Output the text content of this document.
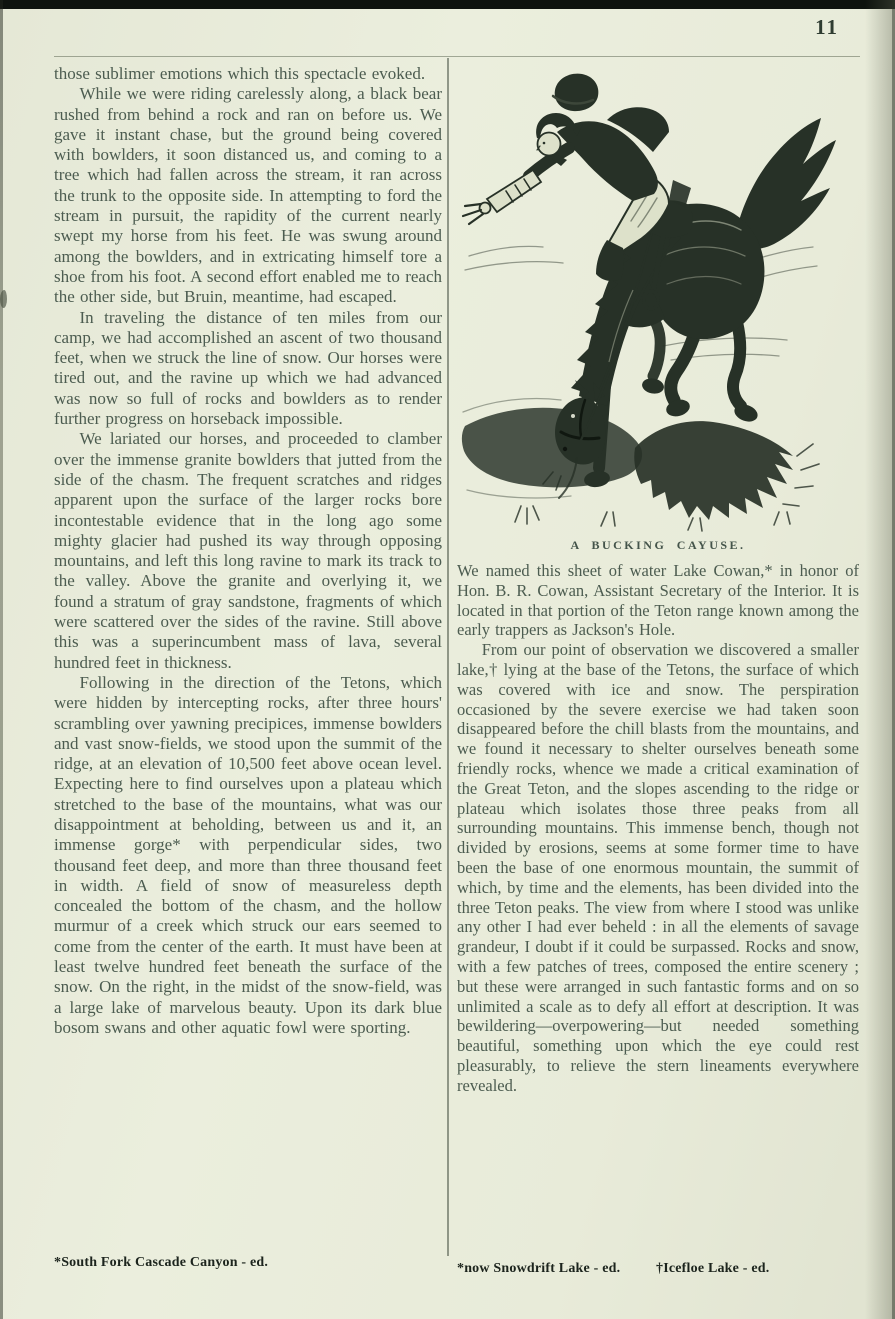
11

those sublimer emotions which this spectacle evoked.

While we were riding carelessly along, a black bear rushed from behind a rock and ran on before us. We gave it instant chase, but the ground being covered with bowlders, it soon distanced us, and coming to a tree which had fallen across the stream, it ran across the trunk to the opposite side. In attempting to ford the stream in pursuit, the rapidity of the current nearly swept my horse from his feet. He was swung around among the bowlders, and in extricating himself tore a shoe from his foot. A second effort enabled me to reach the other side, but Bruin, meantime, had escaped.

In traveling the distance of ten miles from our camp, we had accomplished an ascent of two thousand feet, when we struck the line of snow. Our horses were tired out, and the ravine up which we had advanced was now so full of rocks and bowlders as to render further progress on horseback impossible.

We lariated our horses, and proceeded to clamber over the immense granite bowlders that jutted from the side of the chasm. The frequent scratches and ridges apparent upon the surface of the larger rocks bore incontestable evidence that in the long ago some mighty glacier had pushed its way through opposing mountains, and left this long ravine to mark its track to the valley. Above the granite and overlying it, we found a stratum of gray sandstone, fragments of which were scattered over the sides of the ravine. Still above this was a superincumbent mass of lava, several hundred feet in thickness.

Following in the direction of the Tetons, which were hidden by intercepting rocks, after three hours' scrambling over yawning precipices, immense bowlders and vast snow-fields, we stood upon the summit of the ridge, at an elevation of 10,500 feet above ocean level. Expecting here to find ourselves upon a plateau which stretched to the base of the mountains, what was our disappointment at beholding, between us and it, an immense gorge* with perpendicular sides, two thousand feet deep, and more than three thousand feet in width. A field of snow of measureless depth concealed the bottom of the chasm, and the hollow murmur of a creek which struck our ears seemed to come from the center of the earth. It must have been at least twelve hundred feet beneath the surface of the snow. On the right, in the midst of the snow-field, was a large lake of marvelous beauty. Upon its dark blue bosom swans and other aquatic fowl were sporting.

*South Fork Cascade Canyon - ed.
A BUCKING CAYUSE.

We named this sheet of water Lake Cowan,* in honor of Hon. B. R. Cowan, Assistant Secretary of the Interior. It is located in that portion of the Teton range known among the early trappers as Jackson's Hole.

From our point of observation we discovered a smaller lake,† lying at the base of the Tetons, the surface of which was covered with ice and snow. The perspiration occasioned by the severe exercise we had taken soon disappeared before the chill blasts from the mountains, and we found it necessary to shelter ourselves beneath some friendly rocks, whence we made a critical examination of the Great Teton, and the slopes ascending to the ridge or plateau which isolates those three peaks from all surrounding mountains. This immense bench, though not divided by erosions, seems at some former time to have been the base of one enormous mountain, the summit of which, by time and the elements, has been divided into the three Teton peaks. The view from where I stood was unlike any other I had ever beheld : in all the elements of savage grandeur, I doubt if it could be surpassed. Rocks and snow, with a few patches of trees, composed the entire scenery ; but these were arranged in such fantastic forms and on so unlimited a scale as to defy all effort at description. It was bewildering—overpowering—but needed something beautiful, something upon which the eye could rest pleasurably, to relieve the stern lineaments everywhere revealed.

*now Snowdrift Lake - ed.	†Icefloe Lake - ed.
